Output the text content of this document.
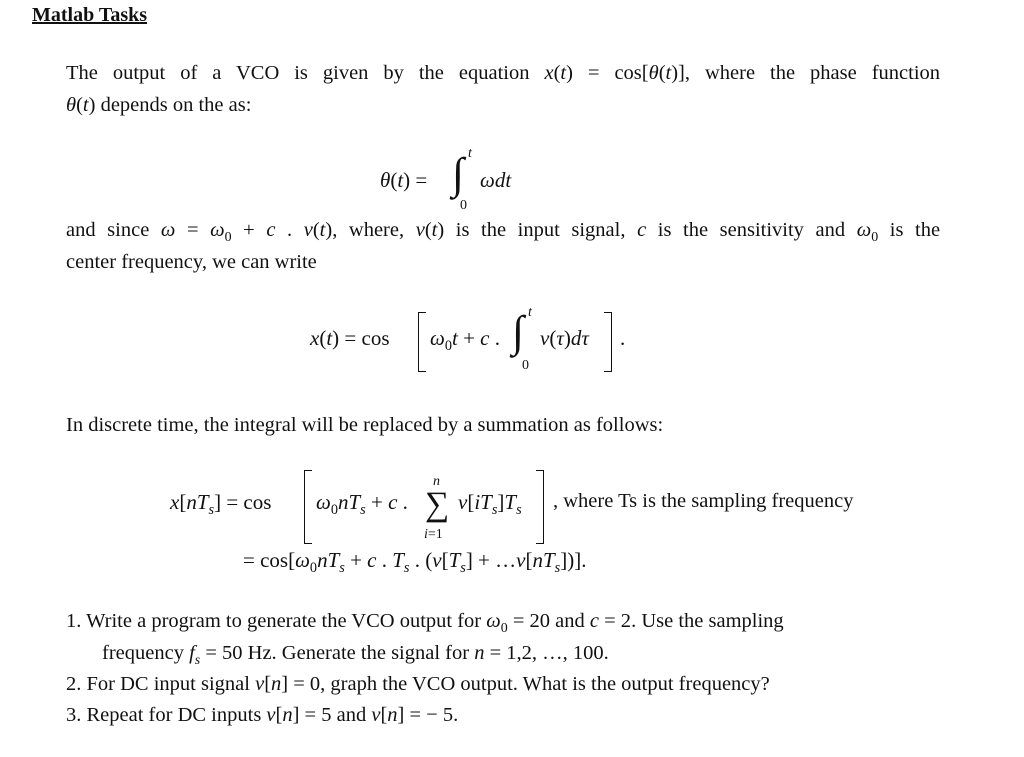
Matlab Tasks
The output of a VCO is given by the equation x(t) = cos[θ(t)], where the phase function
θ(t) depends on the as:
θ(t) = ∫ t
0
ωdt
and since $\omega = \omega_0 + c$ . v(t), where, v(t) is the input signal, c is the sensitivity and $\omega_0$ is the
center frequency, we can write
$x(t) = \cos \omega_0t + c$ . ∫ t
0
v(τ)dτ .
In discrete time, the integral will be replaced by a summation as follows:
$x[nT_s] = \cos \omega_0nT_s + c$ .
n
∑
i=1
$v[iT_s]T_s$ , where Ts is the sampling frequency
= $\cos[\omega_0nT_s + c$ . $T_s$ . ($v[T_s]$ + $\dots v[nT_s]$)].
1. Write a program to generate the VCO output for $\omega_0 = 20$ and c = 2. Use the sampling
frequency $f_s = 50$ Hz. Generate the signal for n = 1,2, …, 100.
2. For DC input signal v[n] = 0, graph the VCO output. What is the output frequency?
3. Repeat for DC inputs v[n] = 5 and v[n] = − 5.
